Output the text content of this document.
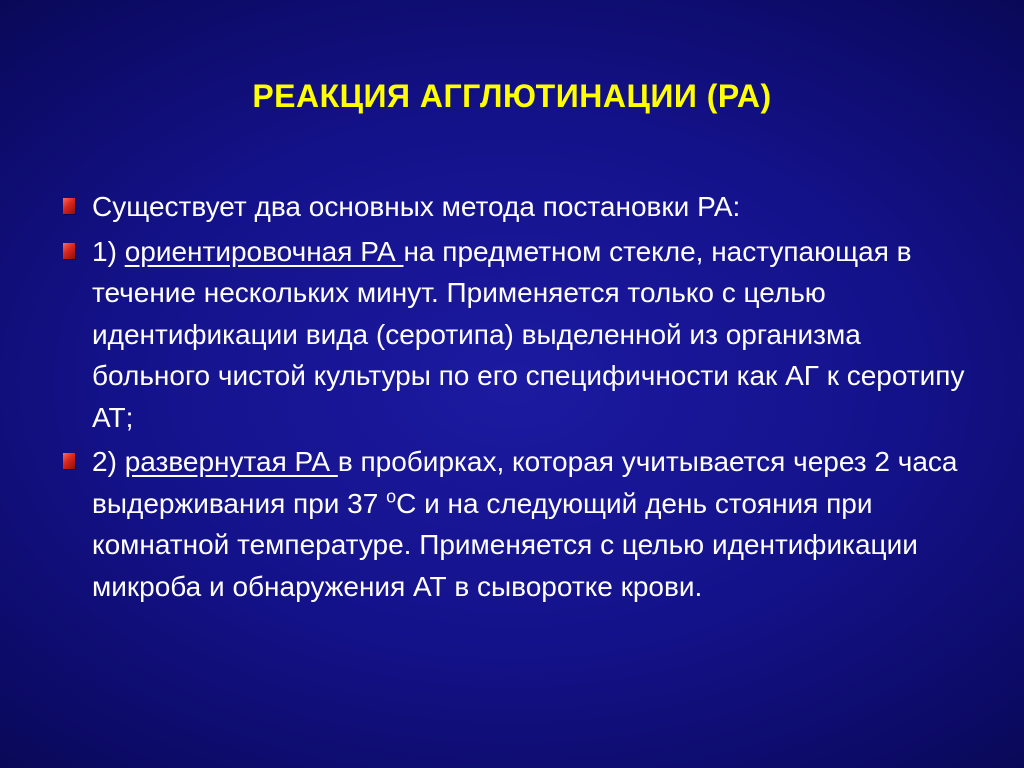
РЕАКЦИЯ АГГЛЮТИНАЦИИ (РА)
Существует два основных метода постановки РА:
1) ориентировочная РА на предметном стекле, наступающая в течение нескольких минут. Применяется только с целью идентификации вида (серотипа) выделенной из организма больного чистой культуры по его специфичности как АГ к серотипу АТ;
2) развернутая РА в пробирках, которая учитывается через 2 часа выдерживания при 37 $^о$С и на следующий день стояния при комнатной температуре. Применяется с целью идентификации микроба и обнаружения АТ в сыворотке крови.
